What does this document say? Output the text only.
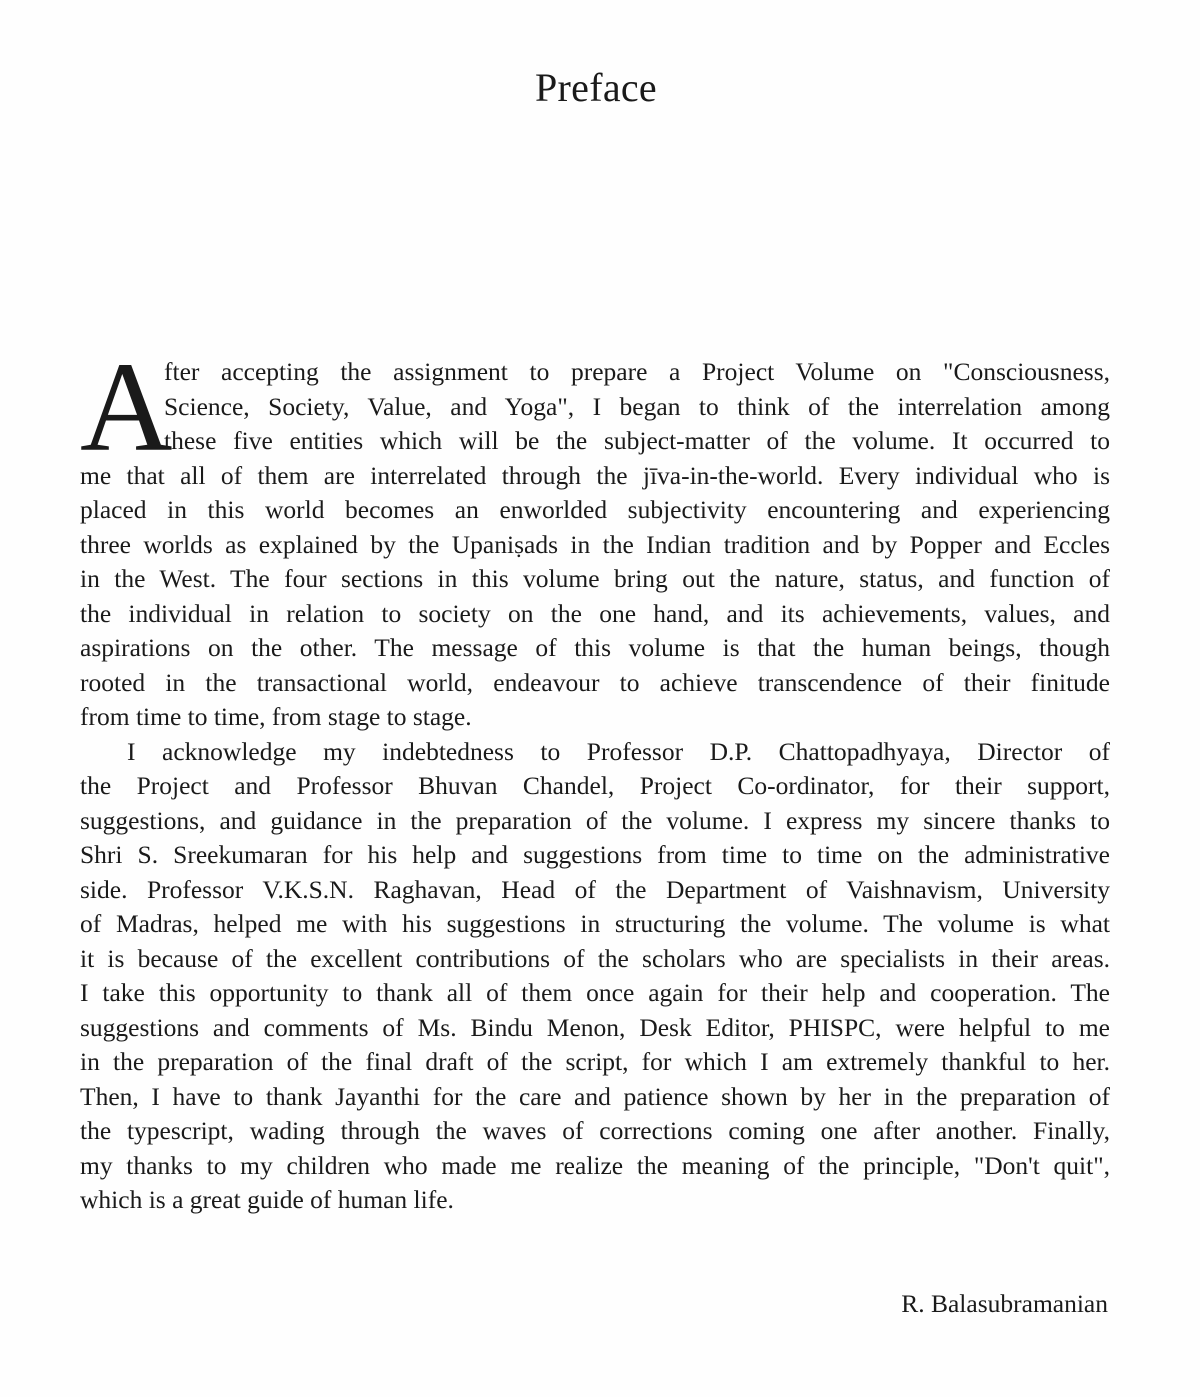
Preface
A
fter accepting the assignment to prepare a Project Volume on "Consciousness,
Science, Society, Value, and Yoga", I began to think of the interrelation among
these five entities which will be the subject-matter of the volume. It occurred to
me that all of them are interrelated through the jīva-in-the-world. Every individual who is
placed in this world becomes an enworlded subjectivity encountering and experiencing
three worlds as explained by the Upaniṣads in the Indian tradition and by Popper and Eccles
in the West. The four sections in this volume bring out the nature, status, and function of
the individual in relation to society on the one hand, and its achievements, values, and
aspirations on the other. The message of this volume is that the human beings, though
rooted in the transactional world, endeavour to achieve transcendence of their finitude
from time to time, from stage to stage.
I acknowledge my indebtedness to Professor D.P. Chattopadhyaya, Director of
the Project and Professor Bhuvan Chandel, Project Co-ordinator, for their support,
suggestions, and guidance in the preparation of the volume. I express my sincere thanks to
Shri S. Sreekumaran for his help and suggestions from time to time on the administrative
side. Professor V.K.S.N. Raghavan, Head of the Department of Vaishnavism, University
of Madras, helped me with his suggestions in structuring the volume. The volume is what
it is because of the excellent contributions of the scholars who are specialists in their areas.
I take this opportunity to thank all of them once again for their help and cooperation. The
suggestions and comments of Ms. Bindu Menon, Desk Editor, PHISPC, were helpful to me
in the preparation of the final draft of the script, for which I am extremely thankful to her.
Then, I have to thank Jayanthi for the care and patience shown by her in the preparation of
the typescript, wading through the waves of corrections coming one after another. Finally,
my thanks to my children who made me realize the meaning of the principle, "Don't quit",
which is a great guide of human life.
R. Balasubramanian
